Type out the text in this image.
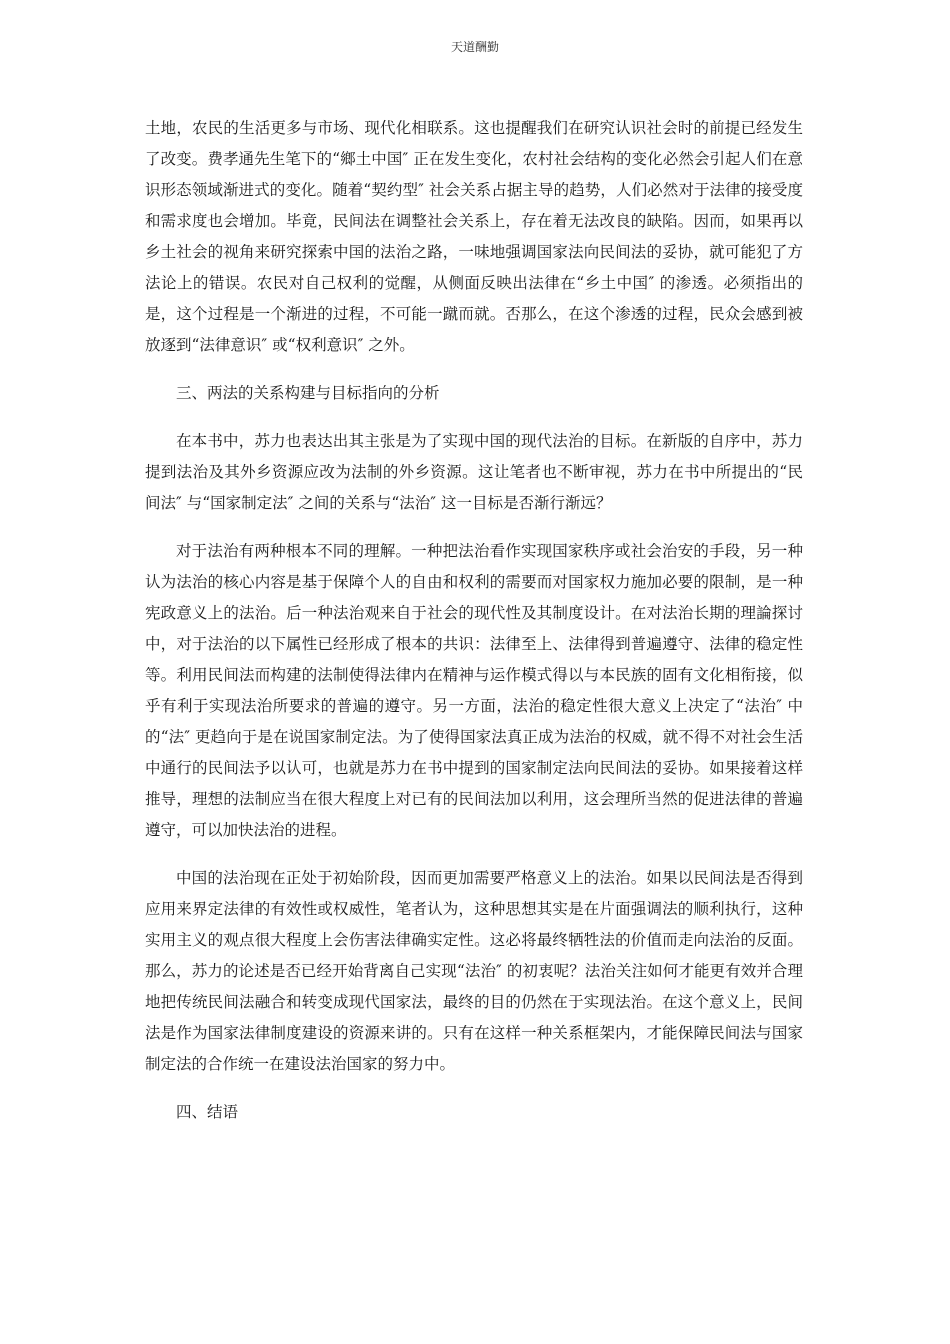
天道酬勤

土地，农民的生活更多与市场、现代化相联系。这也提醒我们在研究认识社会时的前提已经发生了改变。费孝通先生笔下的“鄉土中国″ 正在发生变化，农村社会结构的变化必然会引起人们在意识形态领域渐进式的变化。随着“契约型″ 社会关系占据主导的趋势，人们必然对于法律的接受度和需求度也会增加。毕竟，民间法在调整社会关系上，存在着无法改良的缺陷。因而，如果再以乡土社会的视角来研究探索中国的法治之路，一味地强调国家法向民间法的妥协，就可能犯了方法论上的错误。农民对自己权利的觉醒，从侧面反映出法律在“乡土中国″ 的渗透。必须指出的是，这个过程是一个渐进的过程，不可能一蹴而就。否那么，在这个渗透的过程，民众会感到被放逐到“法律意识″ 或“权利意识″ 之外。

三、两法的关系构建与目标指向的分析

在本书中，苏力也表达出其主张是为了实现中国的现代法治的目标。在新版的自序中，苏力提到法治及其外乡资源应改为法制的外乡资源。这让笔者也不断审视，苏力在书中所提出的“民间法″ 与“国家制定法″ 之间的关系与“法治″ 这一目标是否渐行渐远？

对于法治有两种根本不同的理解。一种把法治看作实现国家秩序或社会治安的手段，另一种认为法治的核心内容是基于保障个人的自由和权利的需要而对国家权力施加必要的限制，是一种宪政意义上的法治。后一种法治观来自于社会的现代性及其制度设计。在对法治长期的理論探讨中，对于法治的以下属性已经形成了根本的共识：法律至上、法律得到普遍遵守、法律的稳定性等。利用民间法而构建的法制使得法律内在精神与运作模式得以与本民族的固有文化相衔接，似乎有利于实现法治所要求的普遍的遵守。另一方面，法治的稳定性很大意义上决定了“法治″ 中的“法″ 更趋向于是在说国家制定法。为了使得国家法真正成为法治的权威，就不得不对社会生活中通行的民间法予以认可，也就是苏力在书中提到的国家制定法向民间法的妥协。如果接着这样推导，理想的法制应当在很大程度上对已有的民间法加以利用，这会理所当然的促进法律的普遍遵守，可以加快法治的进程。

中国的法治现在正处于初始阶段，因而更加需要严格意义上的法治。如果以民间法是否得到应用来界定法律的有效性或权威性，笔者认为，这种思想其实是在片面强调法的顺利执行，这种实用主义的观点很大程度上会伤害法律确实定性。这必将最终牺牲法的价值而走向法治的反面。那么，苏力的论述是否已经开始背离自己实现“法治″ 的初衷呢？法治关注如何才能更有效并合理地把传统民间法融合和转变成现代国家法，最终的目的仍然在于实现法治。在这个意义上，民间法是作为国家法律制度建设的资源来讲的。只有在这样一种关系框架内，才能保障民间法与国家制定法的合作统一在建设法治国家的努力中。

四、结语
